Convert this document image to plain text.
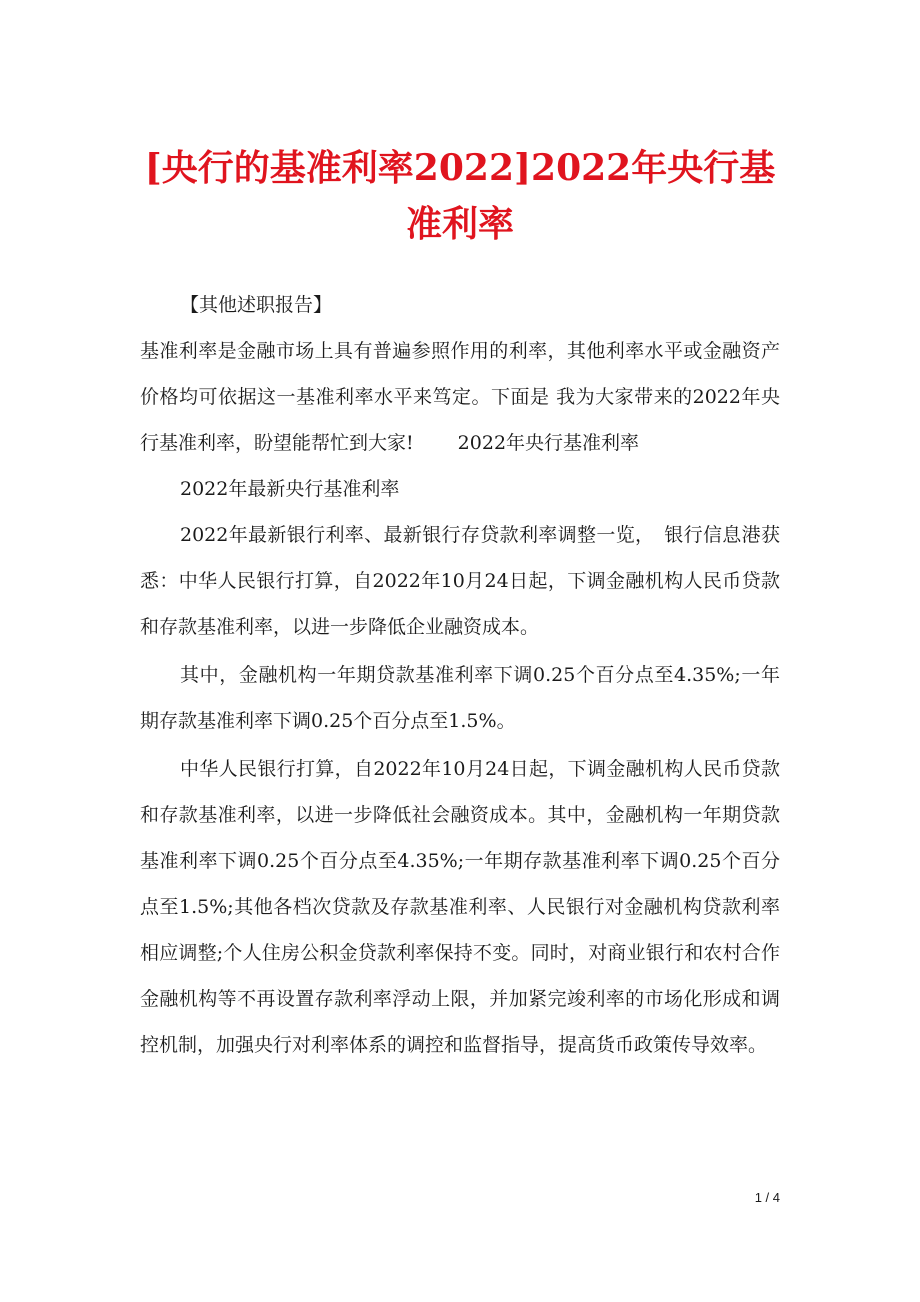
[央行的基准利率2022]2022年央行基准利率

【其他述职报告】

基准利率是金融市场上具有普遍参照作用的利率，其他利率水平或金融资产价格均可依据这一基准利率水平来笃定。下面是 我为大家带来的2022年央行基准利率，盼望能帮忙到大家!　　 2022年央行基准利率

2022年最新央行基准利率

2022年最新银行利率、最新银行存贷款利率调整一览，　银行信息港获悉：中华人民银行打算，自2022年10月24日起，下调金融机构人民币贷款和存款基准利率，以进一步降低企业融资成本。

其中，金融机构一年期贷款基准利率下调0.25个百分点至4.35%;一年期存款基准利率下调0.25个百分点至1.5%。

中华人民银行打算，自2022年10月24日起，下调金融机构人民币贷款和存款基准利率，以进一步降低社会融资成本。其中，金融机构一年期贷款基准利率下调0.25个百分点至4.35%;一年期存款基准利率下调0.25个百分点至1.5%;其他各档次贷款及存款基准利率、人民银行对金融机构贷款利率相应调整;个人住房公积金贷款利率保持不变。同时，对商业银行和农村合作金融机构等不再设置存款利率浮动上限，并加紧完竣利率的市场化形成和调控机制，加强央行对利率体系的调控和监督指导，提高货币政策传导效率。

1 / 4
